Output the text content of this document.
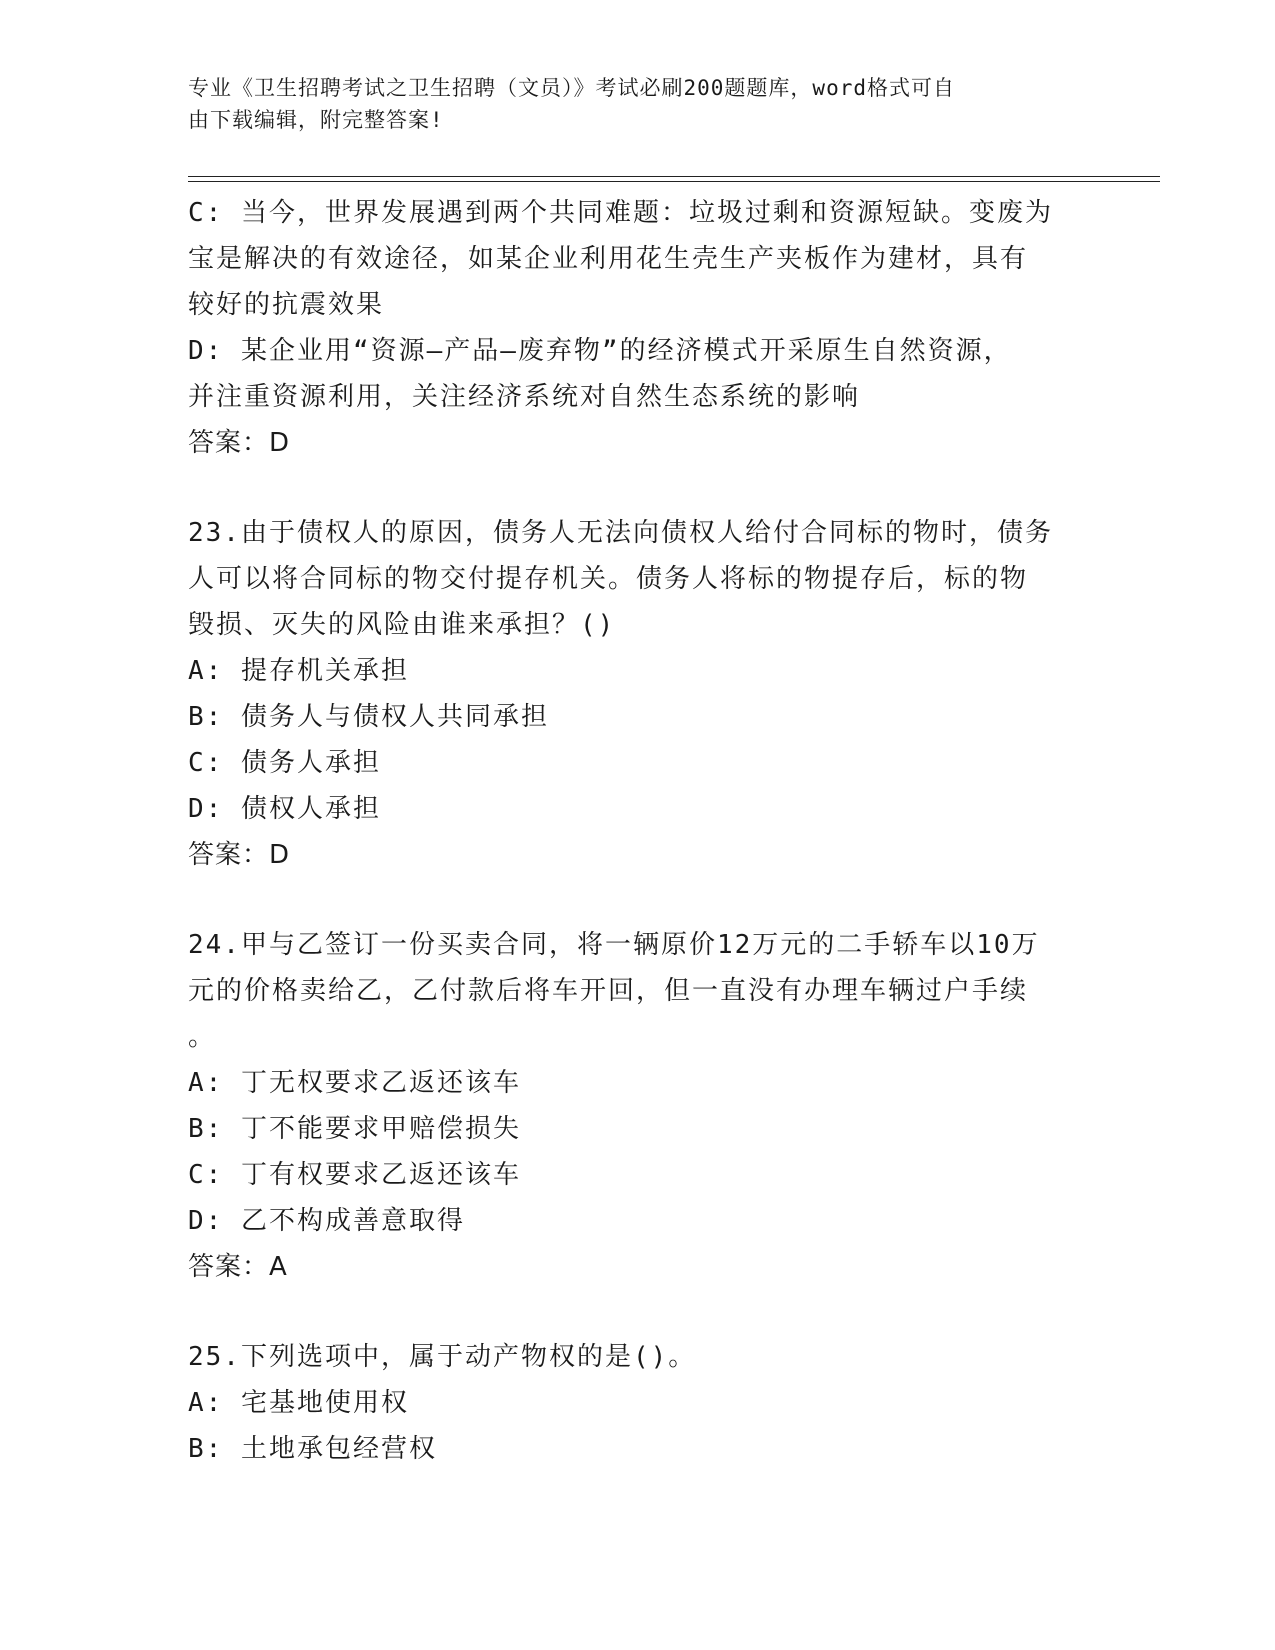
专业《卫生招聘考试之卫生招聘（文员）》考试必刷200题题库，word格式可自
由下载编辑，附完整答案!
C: 当今，世界发展遇到两个共同难题：垃圾过剩和资源短缺。变废为
宝是解决的有效途径，如某企业利用花生壳生产夹板作为建材，具有
较好的抗震效果
D: 某企业用“资源—产品—废弃物”的经济模式开采原生自然资源，
并注重资源利用，关注经济系统对自然生态系统的影响
答案：D
23.由于债权人的原因，债务人无法向债权人给付合同标的物时，债务
人可以将合同标的物交付提存机关。债务人将标的物提存后，标的物
毁损、灭失的风险由谁来承担？()
A: 提存机关承担
B: 债务人与债权人共同承担
C: 债务人承担
D: 债权人承担
答案：D
24.甲与乙签订一份买卖合同，将一辆原价12万元的二手轿车以10万
元的价格卖给乙，乙付款后将车开回，但一直没有办理车辆过户手续
。
A: 丁无权要求乙返还该车
B: 丁不能要求甲赔偿损失
C: 丁有权要求乙返还该车
D: 乙不构成善意取得
答案：A
25.下列选项中，属于动产物权的是()。
A: 宅基地使用权
B: 土地承包经营权
